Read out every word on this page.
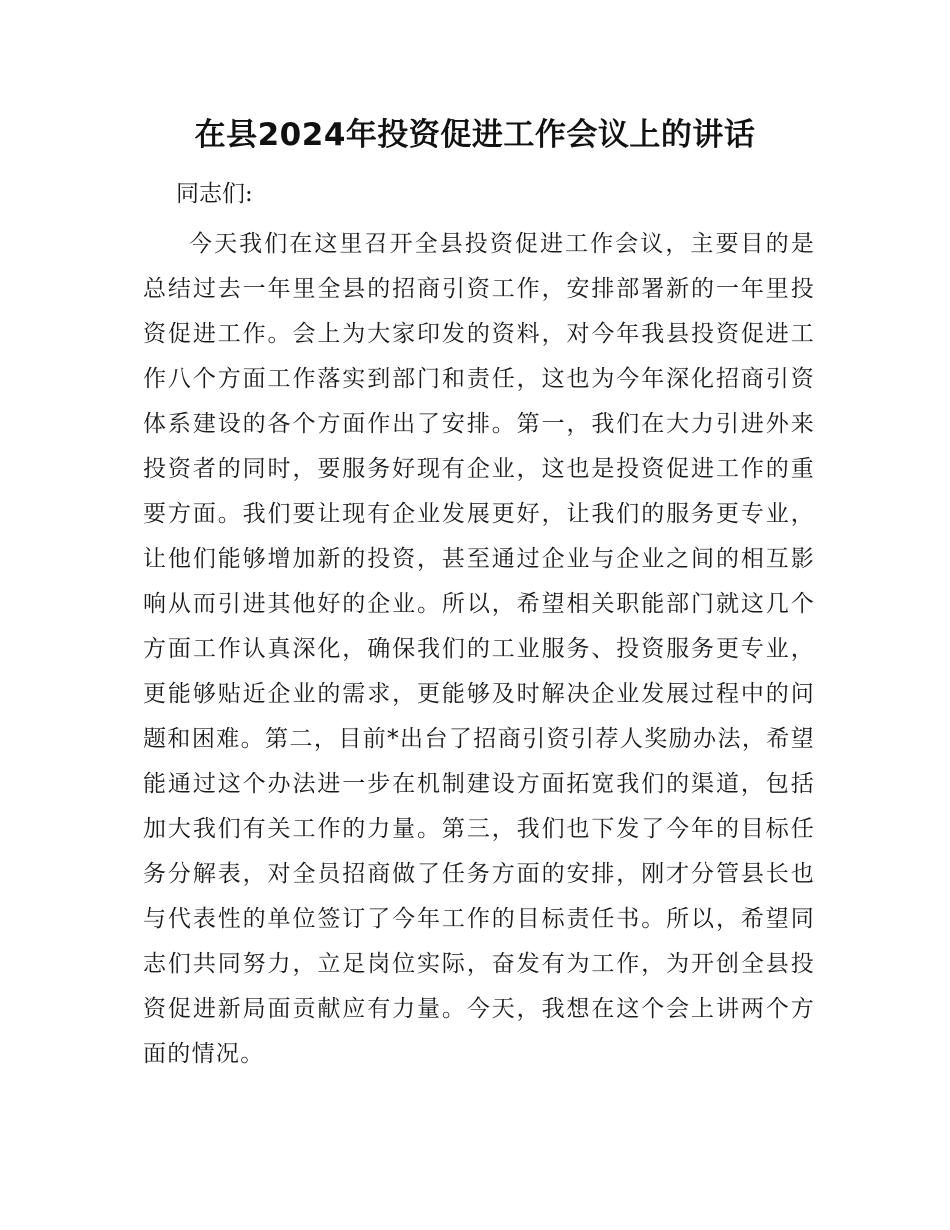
在县2024年投资促进工作会议上的讲话
同志们:

今天我们在这里召开全县投资促进工作会议，主要目的是总结过去一年里全县的招商引资工作，安排部署新的一年里投资促进工作。会上为大家印发的资料，对今年我县投资促进工作八个方面工作落实到部门和责任，这也为今年深化招商引资体系建设的各个方面作出了安排。第一，我们在大力引进外来投资者的同时，要服务好现有企业，这也是投资促进工作的重要方面。我们要让现有企业发展更好，让我们的服务更专业，让他们能够增加新的投资，甚至通过企业与企业之间的相互影响从而引进其他好的企业。所以，希望相关职能部门就这几个方面工作认真深化，确保我们的工业服务、投资服务更专业，更能够贴近企业的需求，更能够及时解决企业发展过程中的问题和困难。第二，目前*出台了招商引资引荐人奖励办法，希望能通过这个办法进一步在机制建设方面拓宽我们的渠道，包括加大我们有关工作的力量。第三，我们也下发了今年的目标任务分解表，对全员招商做了任务方面的安排，刚才分管县长也与代表性的单位签订了今年工作的目标责任书。所以，希望同志们共同努力，立足岗位实际，奋发有为工作，为开创全县投资促进新局面贡献应有力量。今天，我想在这个会上讲两个方面的情况。
